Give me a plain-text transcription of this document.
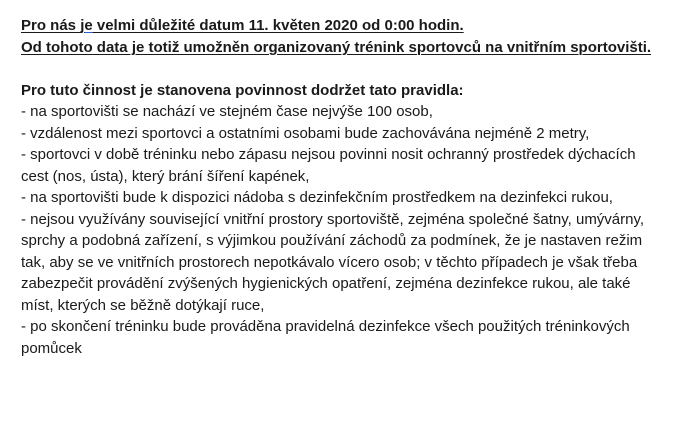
Pro nás je velmi důležité datum 11. květen 2020 od 0:00 hodin.
Od tohoto data je totiž umožněn organizovaný trénink sportovců na vnitřním sportovišti.
Pro tuto činnost je stanovena povinnost dodržet tato pravidla:
- na sportovišti se nachází ve stejném čase nejvýše 100 osob,
- vzdálenost mezi sportovci a ostatními osobami bude zachovávána nejméně 2 metry,
- sportovci v době tréninku nebo zápasu nejsou povinni nosit ochranný prostředek dýchacích cest (nos, ústa), který brání šíření kapének,
- na sportovišti bude k dispozici nádoba s dezinfekčním prostředkem na dezinfekci rukou,
- nejsou využívány související vnitřní prostory sportoviště, zejména společné šatny, umývárny, sprchy a podobná zařízení, s výjimkou používání záchodů za podmínek, že je nastaven režim tak, aby se ve vnitřních prostorech nepotkávalo vícero osob; v těchto případech je však třeba zabezpečit provádění zvýšených hygienických opatření, zejména dezinfekce rukou, ale také míst, kterých se běžně dotýkají ruce,
- po skončení tréninku bude prováděna pravidelná dezinfekce všech použitých tréninkových pomůcek
